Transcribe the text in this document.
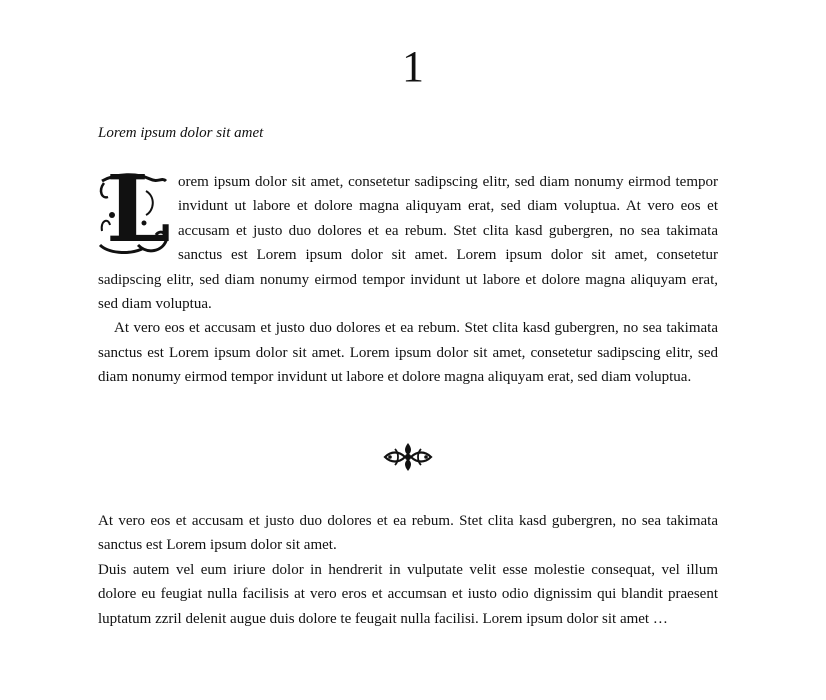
1
Lorem ipsum dolor sit amet

L orem ipsum dolor sit amet, consetetur sadipscing elitr, sed diam nonumy eirmod tempor invidunt ut labore et dolore magna aliquyam erat, sed diam voluptua. At vero eos et accusam et justo duo dolores et ea rebum. Stet clita kasd gubergren, no sea takimata sanctus est Lorem ipsum dolor sit amet. Lorem ipsum dolor sit amet, consetetur sadipscing elitr, sed diam nonumy eirmod tempor invidunt ut labore et dolore magna aliquyam erat, sed diam voluptua.

At vero eos et accusam et justo duo dolores et ea rebum. Stet clita kasd gubergren, no sea takimata sanctus est Lorem ipsum dolor sit amet. Lorem ipsum dolor sit amet, consetetur sadipscing elitr, sed diam nonumy eirmod tempor invidunt ut labore et dolore magna aliquyam erat, sed diam voluptua.

At vero eos et accusam et justo duo dolores et ea rebum. Stet clita kasd gubergren, no sea takimata sanctus est Lorem ipsum dolor sit amet.

Duis autem vel eum iriure dolor in hendrerit in vulputate velit esse molestie consequat, vel illum dolore eu feugiat nulla facilisis at vero eros et accumsan et iusto odio dignissim qui blandit praesent luptatum zzril delenit augue duis dolore te feugait nulla facilisi. Lorem ipsum dolor sit amet …
